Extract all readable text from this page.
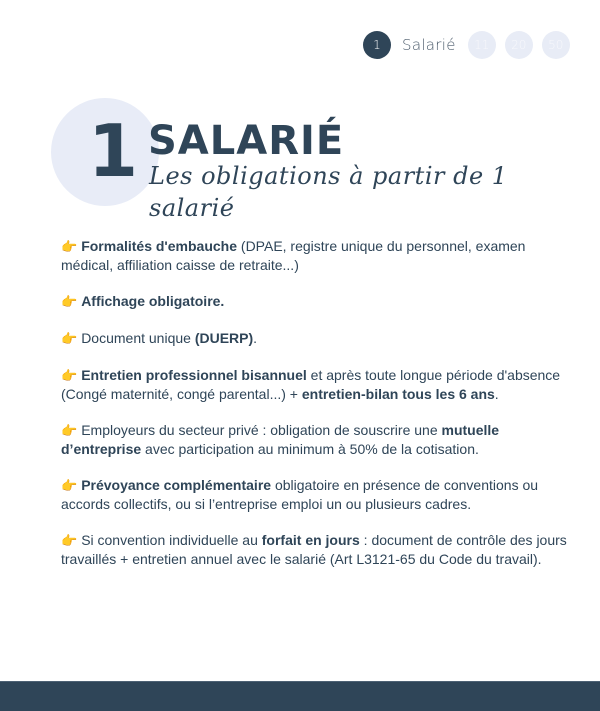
1	Salarié	11	20	50
1 SALARIÉ
Les obligations à partir de 1 salarié
👉 Formalités d'embauche (DPAE, registre unique du personnel, examen médical, affiliation caisse de retraite...)
👉 Affichage obligatoire.
👉 Document unique (DUERP).
👉 Entretien professionnel bisannuel et après toute longue période d'absence (Congé maternité, congé parental...) + entretien-bilan tous les 6 ans.
👉 Employeurs du secteur privé : obligation de souscrire une mutuelle d’entreprise avec participation au minimum à 50% de la cotisation.
👉 Prévoyance complémentaire obligatoire en présence de conventions ou accords collectifs, ou si l’entreprise emploi un ou plusieurs cadres.
👉 Si convention individuelle au forfait en jours : document de contrôle des jours travaillés + entretien annuel avec le salarié (Art L3121-65 du Code du travail).
